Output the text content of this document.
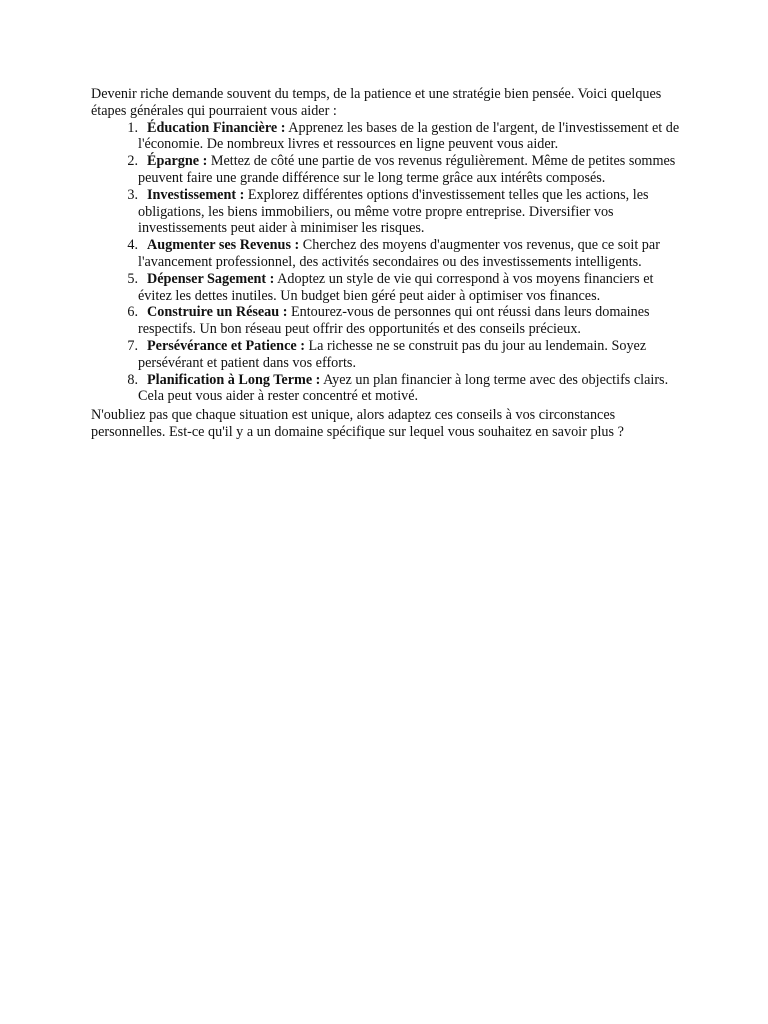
Devenir riche demande souvent du temps, de la patience et une stratégie bien pensée. Voici quelques étapes générales qui pourraient vous aider :

1. Éducation Financière : Apprenez les bases de la gestion de l'argent, de l'investissement et de l'économie. De nombreux livres et ressources en ligne peuvent vous aider.
2. Épargne : Mettez de côté une partie de vos revenus régulièrement. Même de petites sommes peuvent faire une grande différence sur le long terme grâce aux intérêts composés.
3. Investissement : Explorez différentes options d'investissement telles que les actions, les obligations, les biens immobiliers, ou même votre propre entreprise. Diversifier vos investissements peut aider à minimiser les risques.
4. Augmenter ses Revenus : Cherchez des moyens d'augmenter vos revenus, que ce soit par l'avancement professionnel, des activités secondaires ou des investissements intelligents.
5. Dépenser Sagement : Adoptez un style de vie qui correspond à vos moyens financiers et évitez les dettes inutiles. Un budget bien géré peut aider à optimiser vos finances.
6. Construire un Réseau : Entourez-vous de personnes qui ont réussi dans leurs domaines respectifs. Un bon réseau peut offrir des opportunités et des conseils précieux.
7. Persévérance et Patience : La richesse ne se construit pas du jour au lendemain. Soyez persévérant et patient dans vos efforts.
8. Planification à Long Terme : Ayez un plan financier à long terme avec des objectifs clairs. Cela peut vous aider à rester concentré et motivé.

N'oubliez pas que chaque situation est unique, alors adaptez ces conseils à vos circonstances personnelles. Est-ce qu'il y a un domaine spécifique sur lequel vous souhaitez en savoir plus ?
